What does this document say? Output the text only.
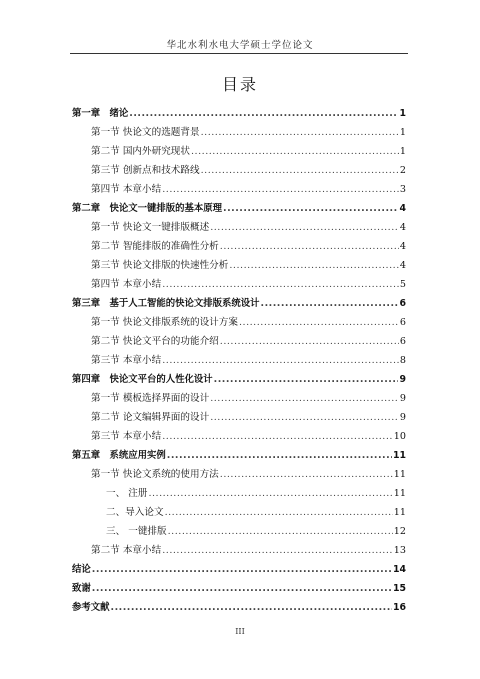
华北水利水电大学硕士学位论文
目录
第一章　绪论 .....	1
第一节 快论文的选题背景 .....	1
第二节 国内外研究现状 .....	1
第三节 创新点和技术路线 .....	2
第四节 本章小结 .....	3
第二章　快论文一键排版的基本原理 .....	4
第一节 快论文一键排版概述 .....	4
第二节 智能排版的准确性分析 .....	4
第三节 快论文排版的快速性分析 .....	4
第四节 本章小结 .....	5
第三章　基于人工智能的快论文排版系统设计 .....	6
第一节 快论文排版系统的设计方案 .....	6
第二节 快论文平台的功能介绍 .....	6
第三节 本章小结 .....	8
第四章　快论文平台的人性化设计 .....	9
第一节 模板选择界面的设计 .....	9
第二节 论文编辑界面的设计 .....	9
第三节 本章小结 .....	10
第五章　系统应用实例 .....	11
第一节 快论文系统的使用方法 .....	11
一、 注册 .....	11
二、导入论文 .....	11
三、 一键排版 .....	12
第二节 本章小结 .....	13
结论 .....	14
致谢 .....	15
参考文献 .....	16
III
